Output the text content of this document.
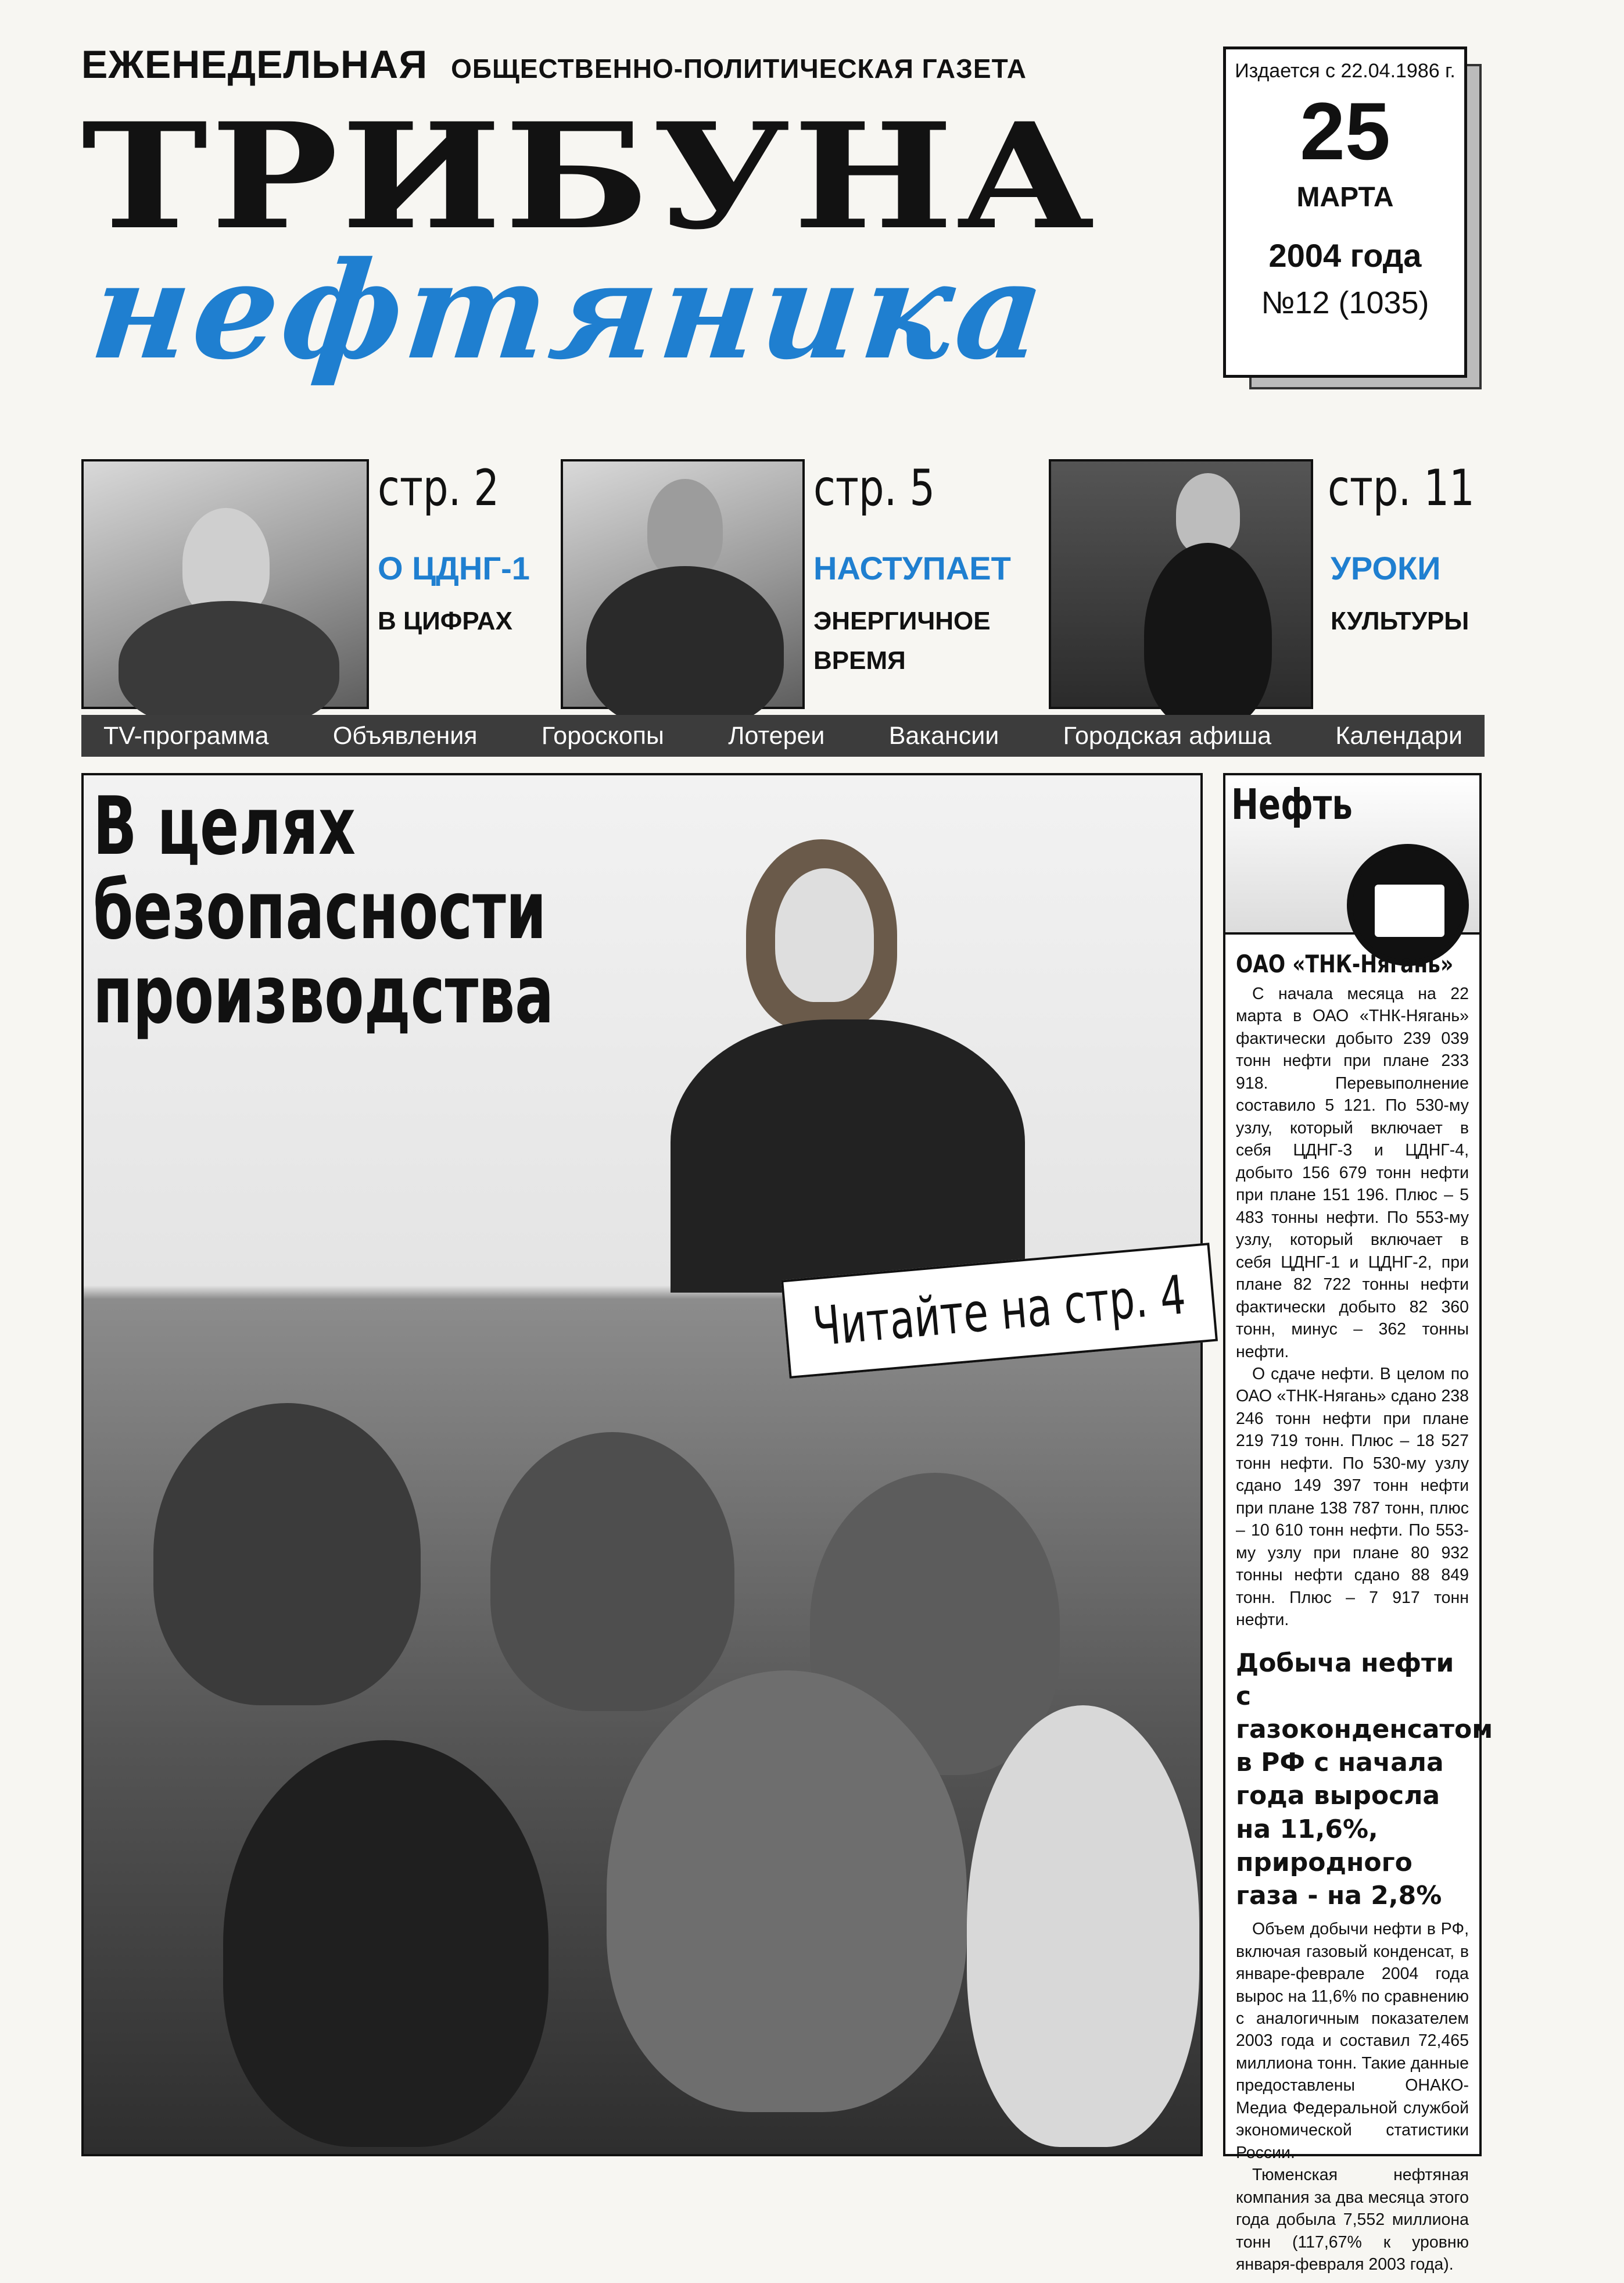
ЕЖЕНЕДЕЛЬНАЯ ОБЩЕСТВЕННО-ПОЛИТИЧЕСКАЯ ГАЗЕТА
ТРИБУНА
нефтяника
Издается с 22.04.1986 г.
25
МАРТА
2004 года
№12 (1035)
стр. 2
О ЦДНГ-1
В ЦИФРАХ
стр. 5
НАСТУПАЕТ
ЭНЕРГИЧНОЕ ВРЕМЯ
стр. 11
УРОКИ
КУЛЬТУРЫ
TV-программа	Объявления	Гороскопы	Лотереи	Вакансии	Городская афиша	Календари
В целях
безопасности
производства
Читайте на стр. 4
Нефть
ОАО «ТНК-Нягань»

С начала месяца на 22 марта в ОАО «ТНК-Нягань» фактически добыто 239 039 тонн нефти при плане 233 918. Перевыполнение составило 5 121. По 530-му узлу, который включает в себя ЦДНГ-3 и ЦДНГ-4, добыто 156 679 тонн нефти при плане 151 196. Плюс – 5 483 тонны нефти. По 553-му узлу, который включает в себя ЦДНГ-1 и ЦДНГ-2, при плане 82 722 тонны нефти фактически добыто 82 360 тонн, минус – 362 тонны нефти.

О сдаче нефти. В целом по ОАО «ТНК-Нягань» сдано 238 246 тонн нефти при плане 219 719 тонн. Плюс – 18 527 тонн нефти. По 530-му узлу сдано 149 397 тонн нефти при плане 138 787 тонн, плюс – 10 610 тонн нефти. По 553-му узлу при плане 80 932 тонны нефти сдано 88 849 тонн. Плюс – 7 917 тонн нефти.

Добыча нефти с газоконденсатом в РФ с начала года выросла на 11,6%, природного газа - на 2,8%

Объем добычи нефти в РФ, включая газовый конденсат, в январе-феврале 2004 года вырос на 11,6% по сравнению с аналогичным показателем 2003 года и составил 72,465 миллиона тонн. Такие данные предоставлены ОНАКО-Медиа Федеральной службой экономической статистики России.

Тюменская нефтяная компания за два месяца этого года добыла 7,552 миллиона тонн (117,67% к уровню января-февраля 2003 года).
